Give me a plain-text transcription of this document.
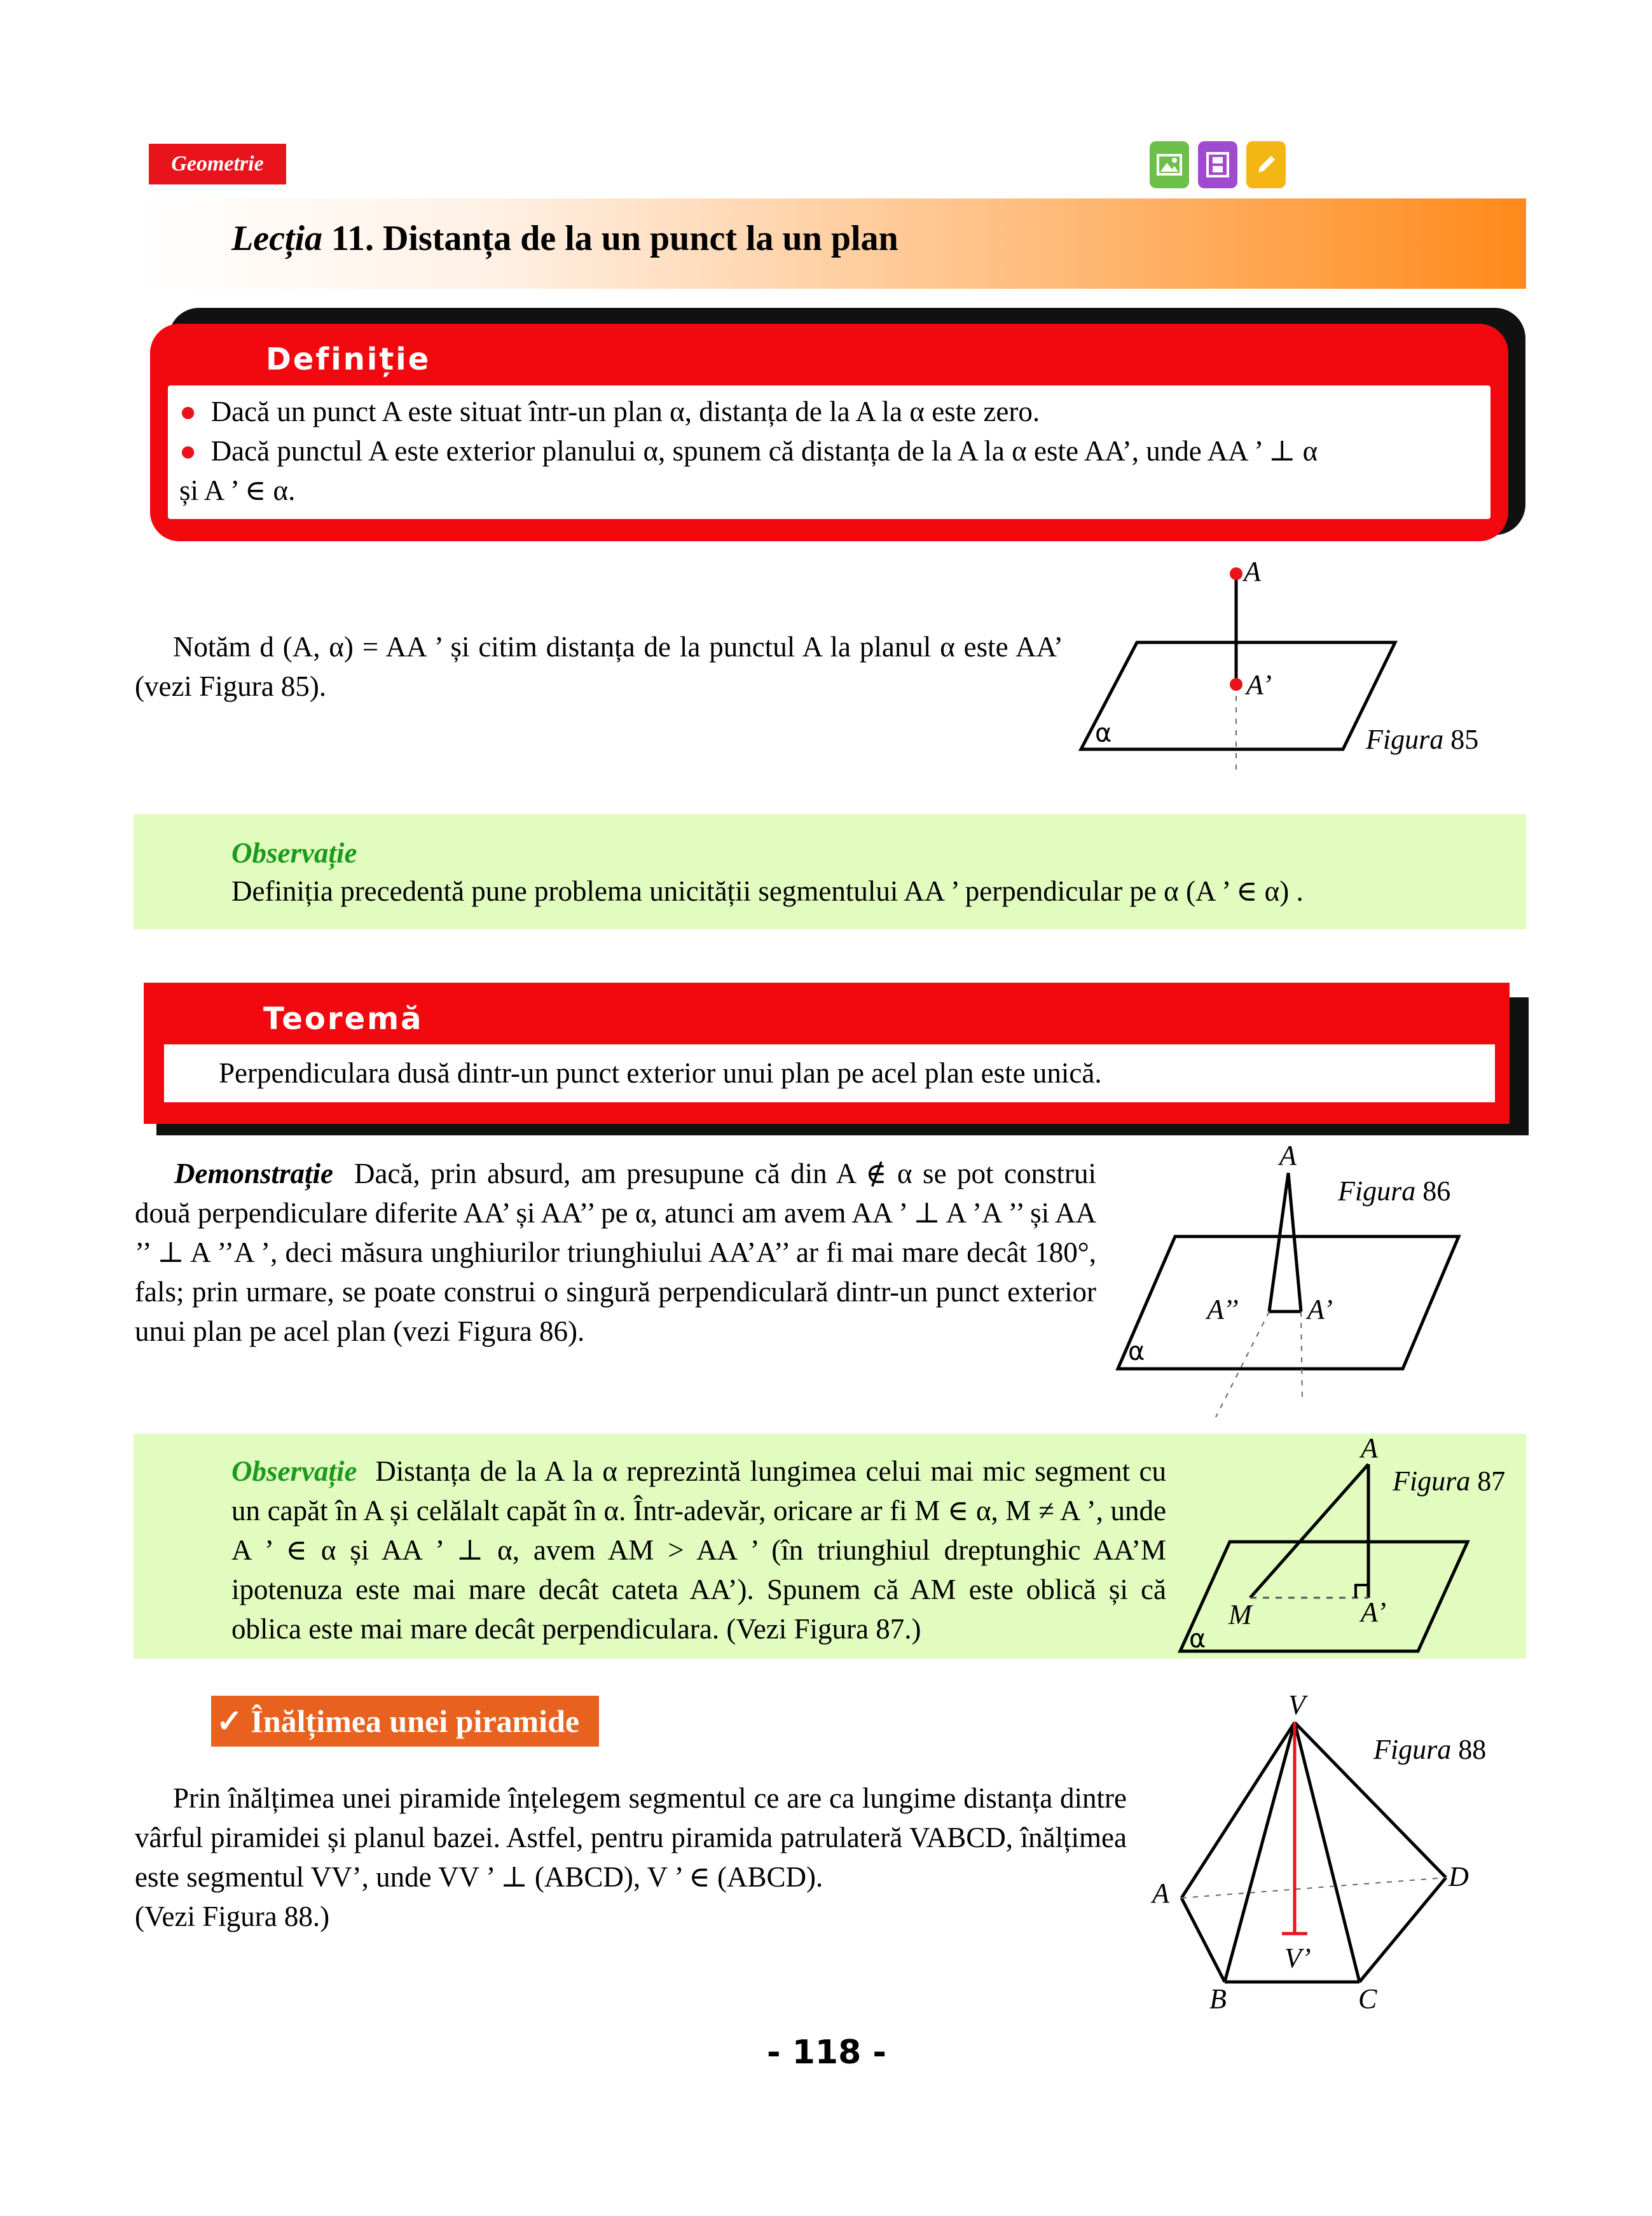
Geometrie
Lecția 11. Distanța de la un punct la un plan
Definiție
● Dacă un punct A este situat într-un plan α, distanța de la A la α este zero.
● Dacă punctul A este exterior planului α, spunem că distanța de la A la α este AA’, unde AA ’ ⊥ α
și A ’ ∈ α.
Notăm d (A, α) = AA ’ și citim distanța de la punctul A la planul α este AA’ (vezi Figura 85).
A
A’
α	Figura 85
Observație
Definiția precedentă pune problema unicității segmentului AA ’ perpendicular pe α (A ’ ∈ α) .
Teoremă
Perpendiculara dusă dintr-un punct exterior unui plan pe acel plan este unică.
Demonstrație Dacă, prin absurd, am presupune că din A ∉ α se pot construi două perpendiculare diferite AA’ și AA’’ pe α, atunci am avem AA ’ ⊥ A ’A ’’ și AA ’’ ⊥ A ’’A ’, deci măsura unghiurilor triunghiului AA’A’’ ar fi mai mare decât 180°, fals; prin urmare, se poate construi o singură perpendiculară dintr-un punct exterior unui plan pe acel plan (vezi Figura 86).
A
A’’ A’
α
Figura 86
Observație Distanța de la A la α reprezintă lungimea celui mai mic segment cu un capăt în A și celălalt capăt în α. Într-adevăr, oricare ar fi M ∈ α, M ≠ A ’, unde A ’ ∈ α și AA ’ ⊥ α, avem AM > AA ’ (în triunghiul dreptunghic AA’M ipotenuza este mai mare decât cateta AA’). Spunem că AM este oblică și că oblica este mai mare decât perpendiculara. (Vezi Figura 87.)
A
M	A’
α
Figura 87
✓ Înălțimea unei piramide
Prin înălțimea unei piramide înțelegem segmentul ce are ca lungime distanța dintre vârful piramidei și planul bazei. Astfel, pentru piramida patrulateră VABCD, înălțimea este segmentul VV’, unde VV ’ ⊥ (ABCD), V ’ ∈ (ABCD).
(Vezi Figura 88.)
V
A
D
V’
B	C
Figura 88
- 118 -
